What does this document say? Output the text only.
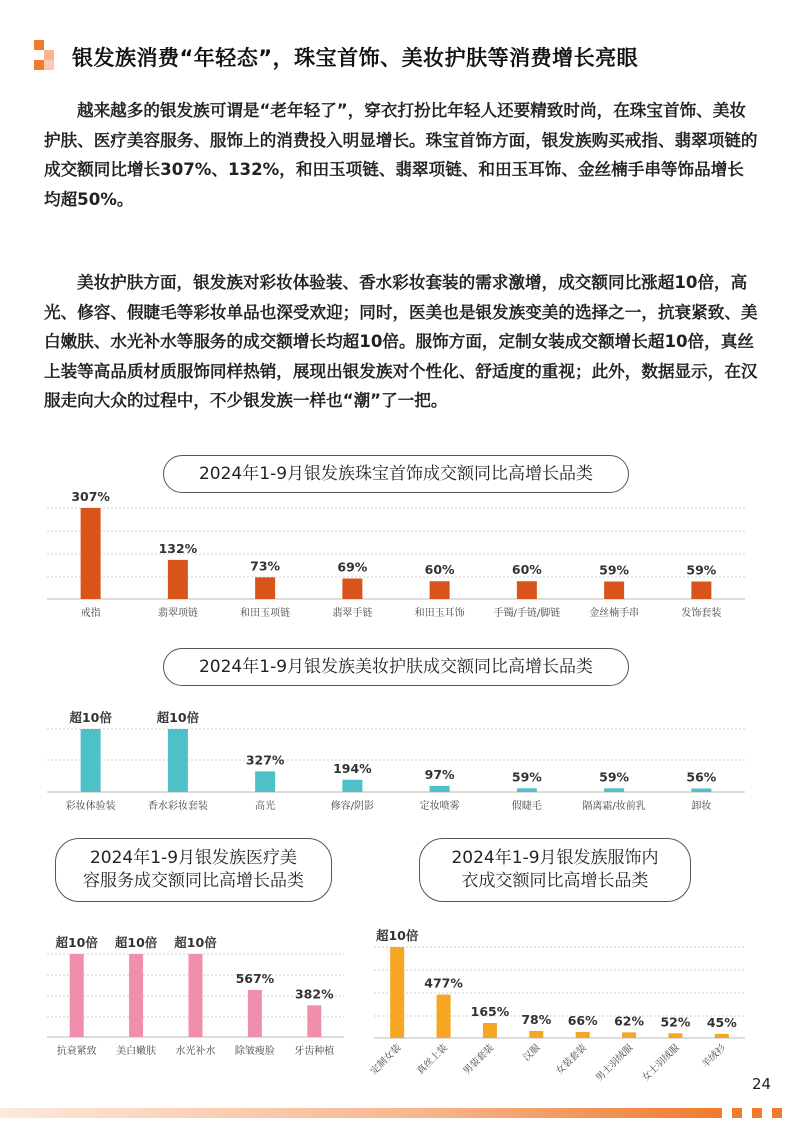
银发族消费“年轻态”，珠宝首饰、美妆护肤等消费增长亮眼

越来越多的银发族可谓是“老年轻了”，穿衣打扮比年轻人还要精致时尚，在珠宝首饰、美妆护肤、医疗美容服务、服饰上的消费投入明显增长。珠宝首饰方面，银发族购买戒指、翡翠项链的成交额同比增长307%、132%，和田玉项链、翡翠项链、和田玉耳饰、金丝楠手串等饰品增长均超50%。

美妆护肤方面，银发族对彩妆体验装、香水彩妆套装的需求激增，成交额同比涨超10倍，高光、修容、假睫毛等彩妆单品也深受欢迎；同时，医美也是银发族变美的选择之一，抗衰紧致、美白嫩肤、水光补水等服务的成交额增长均超10倍。服饰方面，定制女装成交额增长超10倍，真丝上装等高品质材质服饰同样热销，展现出银发族对个性化、舒适度的重视；此外，数据显示，在汉服走向大众的过程中，不少银发族一样也“潮”了一把。

2024年1-9月银发族珠宝首饰成交额同比高增长品类
2024年1-9月银发族美妆护肤成交额同比高增长品类
2024年1-9月银发族医疗美
容服务成交额同比高增长品类
2024年1-9月银发族服饰内
衣成交额同比高增长品类
307%
戒指
132%
翡翠项链
73%
和田玉项链
69%
翡翠手链
60%
和田玉耳饰
60%
手镯/手链/脚链
59%
金丝楠手串
59%
发饰套装
超10倍
彩妆体验装
超10倍
香水彩妆套装
327%
高光
194%
修容/阴影
97%
定妆喷雾
59%
假睫毛
59%
隔离霜/妆前乳
56%
卸妆
超10倍
抗衰紧致
超10倍
美白嫩肤
超10倍
水光补水
567%
除皱瘦脸
382%
牙齿种植
超10倍
定制女装
477%
真丝上装
165%
男装套装
78%
汉服
66%
女装套装
62%
男士羽绒服
52%
女士羽绒服
45%
羊绒衫
24
